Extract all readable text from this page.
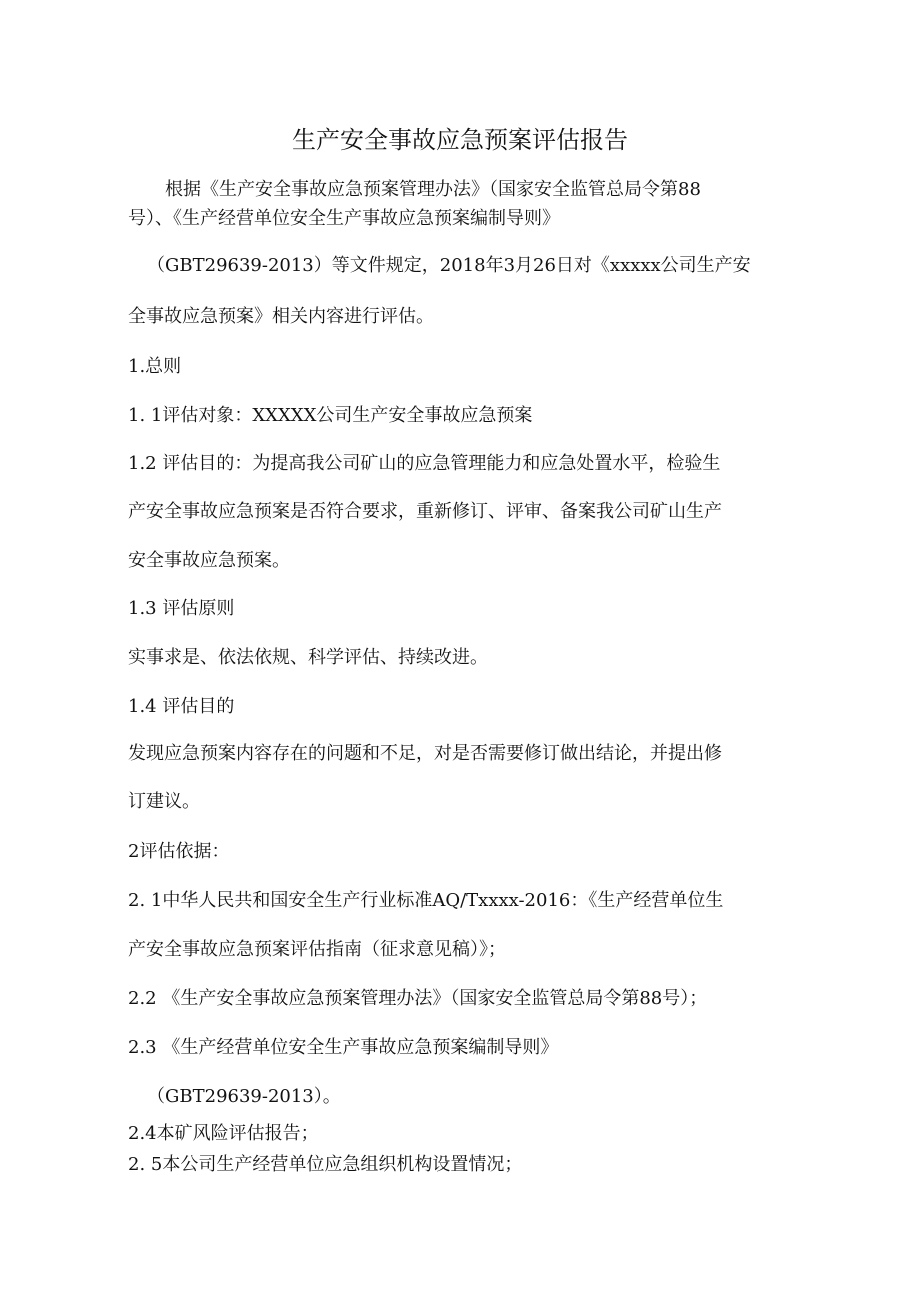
生产安全事故应急预案评估报告
根据《生产安全事故应急预案管理办法》（国家安全监管总局令第88
号）、《生产经营单位安全生产事故应急预案编制导则》
（GBT29639-2013）等文件规定，2018年3月26日对《xxxxx公司生产安
全事故应急预案》相关内容进行评估。
1.总则
1. 1评估对象：XXXXX公司生产安全事故应急预案
1.2 评估目的：为提高我公司矿山的应急管理能力和应急处置水平，检验生
产安全事故应急预案是否符合要求，重新修订、评审、备案我公司矿山生产
安全事故应急预案。
1.3 评估原则
实事求是、依法依规、科学评估、持续改进。
1.4 评估目的
发现应急预案内容存在的问题和不足，对是否需要修订做出结论，并提出修
订建议。
2评估依据：
2. 1中华人民共和国安全生产行业标准AQ/Txxxx-2016：《生产经营单位生
产安全事故应急预案评估指南（征求意见稿）》；
2.2 《生产安全事故应急预案管理办法》（国家安全监管总局令第88号）；
2.3 《生产经营单位安全生产事故应急预案编制导则》
（GBT29639-2013）。
2.4本矿风险评估报告；
2. 5本公司生产经营单位应急组织机构设置情况；
